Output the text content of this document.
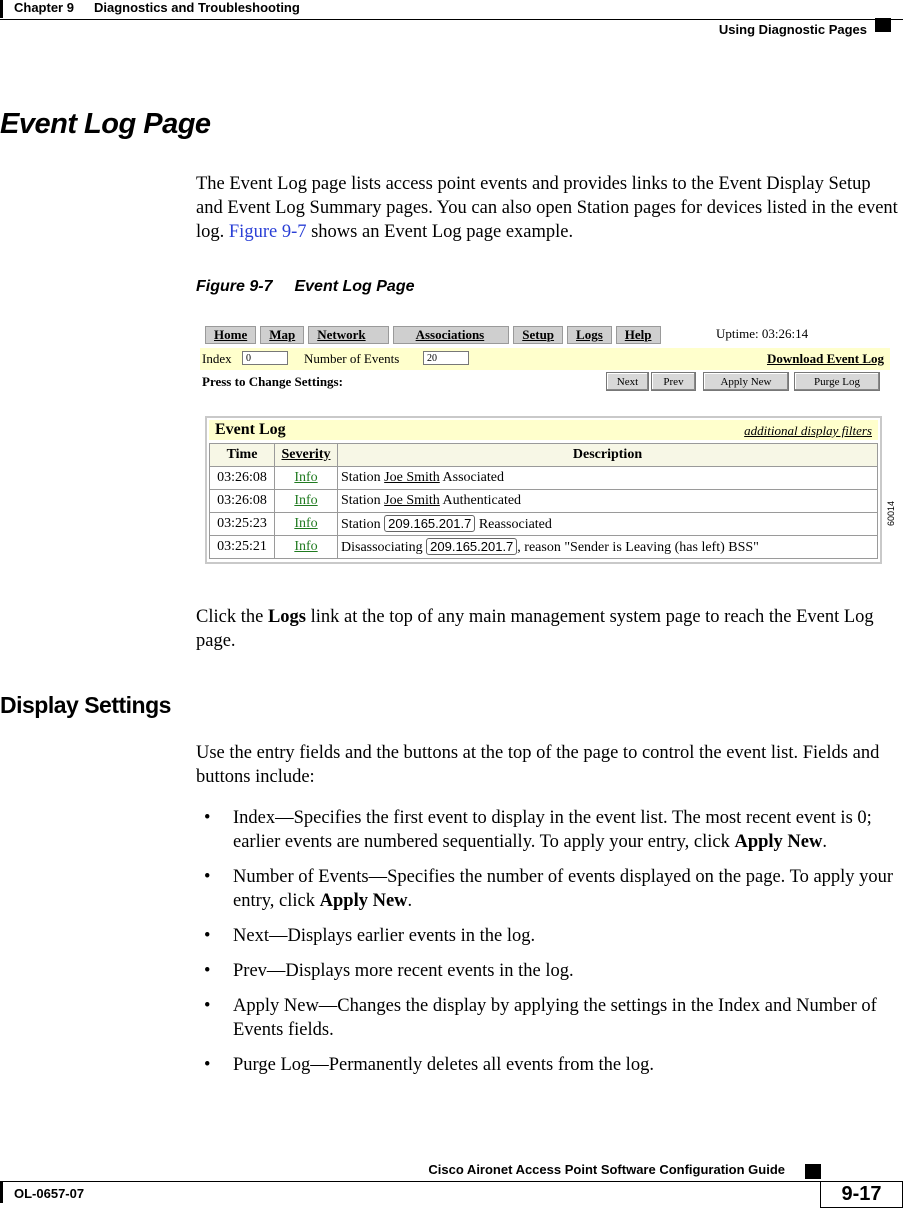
Chapter 9 Diagnostics and Troubleshooting
Using Diagnostic Pages
Event Log Page
The Event Log page lists access point events and provides links to the Event Display Setup and Event Log Summary pages. You can also open Station pages for devices listed in the event log. Figure 9-7 shows an Event Log page example.
Figure 9-7 Event Log Page
Home	Map	Network	Associations	Setup	Logs	Help	Uptime: 03:26:14
Index	0	Number of Events	20	Download Event Log
Press to Change Settings:	Next	Prev	Apply New	Purge Log
Event Log	additional display filters
Time	Severity	Description
03:26:08	Info	Station Joe Smith Associated
03:26:08	Info	Station Joe Smith Authenticated
03:25:23	Info	Station 209.165.201.7 Reassociated
03:25:21	Info	Disassociating 209.165.201.7 , reason "Sender is Leaving (has left) BSS"
60014
Click the Logs link at the top of any main management system page to reach the Event Log page.
Display Settings
Use the entry fields and the buttons at the top of the page to control the event list. Fields and buttons include:
• Index—Specifies the first event to display in the event list. The most recent event is 0; earlier events are numbered sequentially. To apply your entry, click Apply New.
• Number of Events—Specifies the number of events displayed on the page. To apply your entry, click Apply New.
• Next—Displays earlier events in the log.
• Prev—Displays more recent events in the log.
• Apply New—Changes the display by applying the settings in the Index and Number of Events fields.
• Purge Log—Permanently deletes all events from the log.
Cisco Aironet Access Point Software Configuration Guide
OL-0657-07	9-17
